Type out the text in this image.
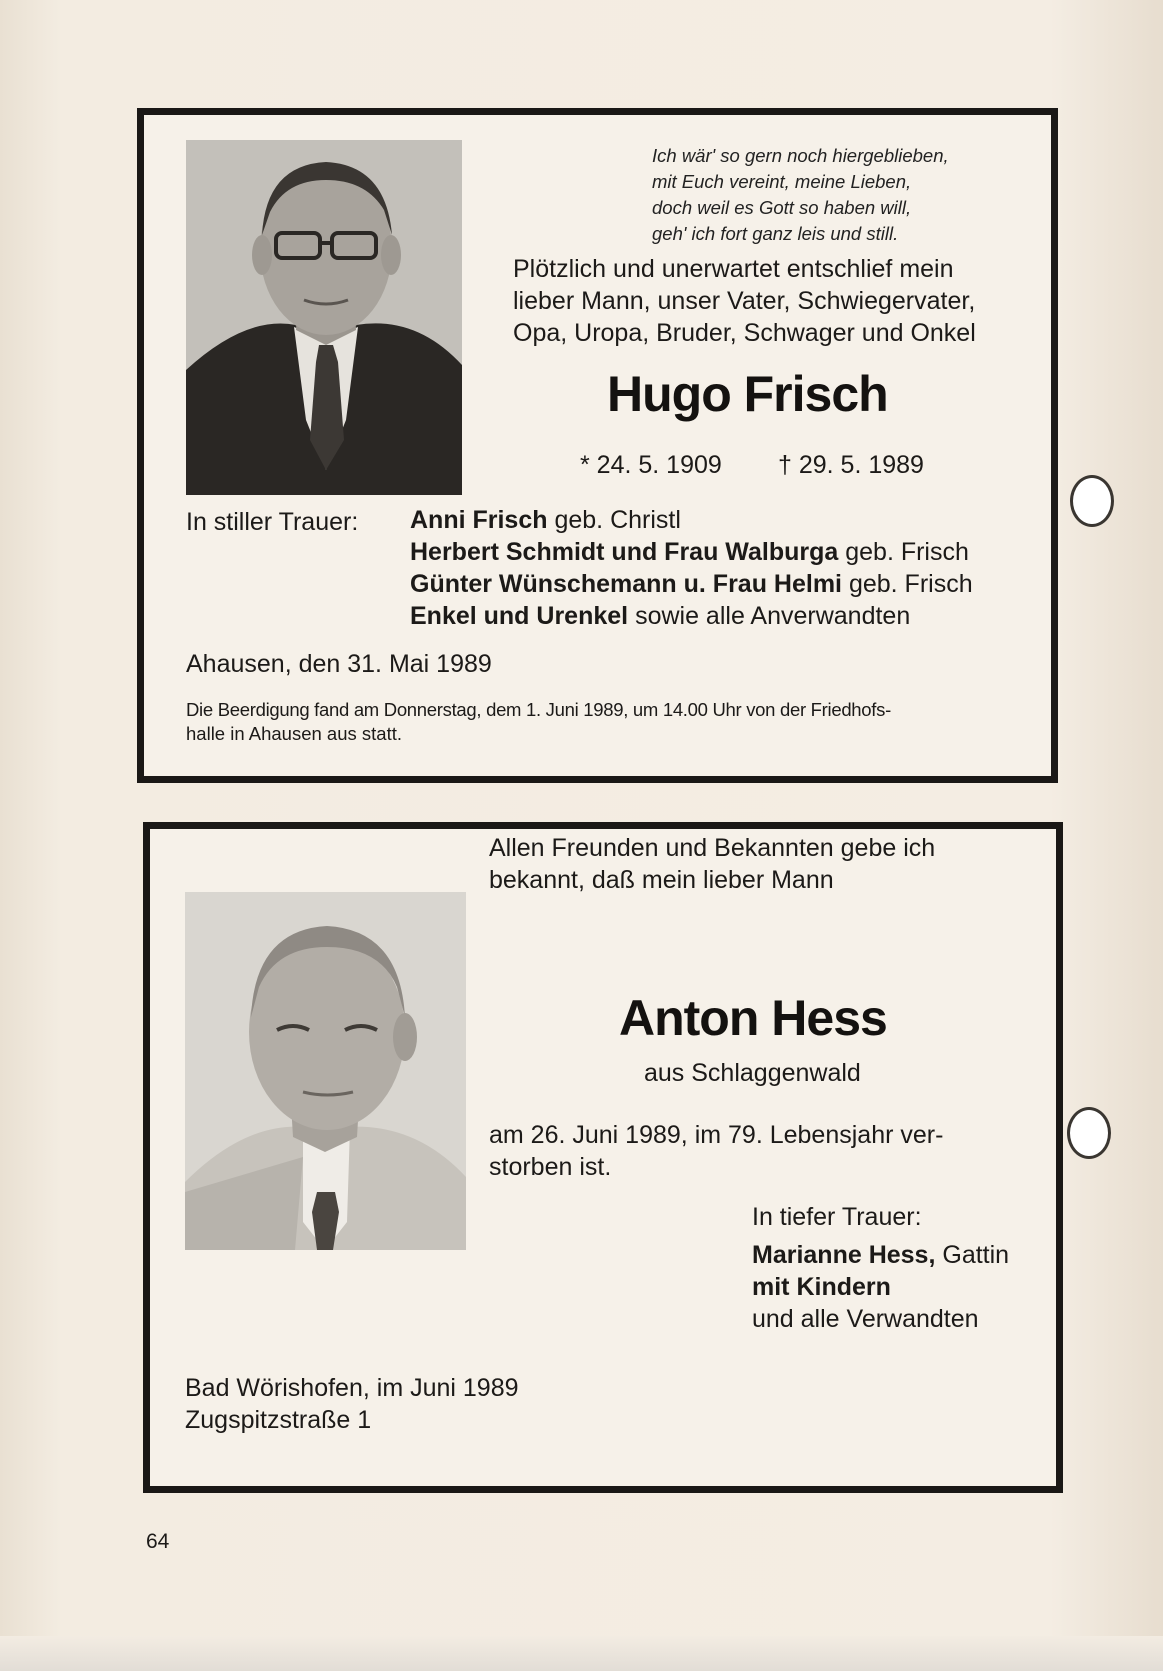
Ich wär' so gern noch hiergeblieben,
mit Euch vereint, meine Lieben,
doch weil es Gott so haben will,
geh' ich fort ganz leis und still.
Plötzlich und unerwartet entschlief mein
lieber Mann, unser Vater, Schwiegervater,
Opa, Uropa, Bruder, Schwager und Onkel
Hugo Frisch
* 24. 5. 1909 † 29. 5. 1989
In stiller Trauer: Anni Frisch geb. Christl
Herbert Schmidt und Frau Walburga geb. Frisch
Günter Wünschemann u. Frau Helmi geb. Frisch
Enkel und Urenkel sowie alle Anverwandten
Ahausen, den 31. Mai 1989
Die Beerdigung fand am Donnerstag, dem 1. Juni 1989, um 14.00 Uhr von der Friedhofs-
halle in Ahausen aus statt.
Allen Freunden und Bekannten gebe ich
bekannt, daß mein lieber Mann
Anton Hess
aus Schlaggenwald
am 26. Juni 1989, im 79. Lebensjahr ver-
storben ist.
In tiefer Trauer:
Marianne Hess, Gattin
mit Kindern
und alle Verwandten
Bad Wörishofen, im Juni 1989
Zugspitzstraße 1
64
